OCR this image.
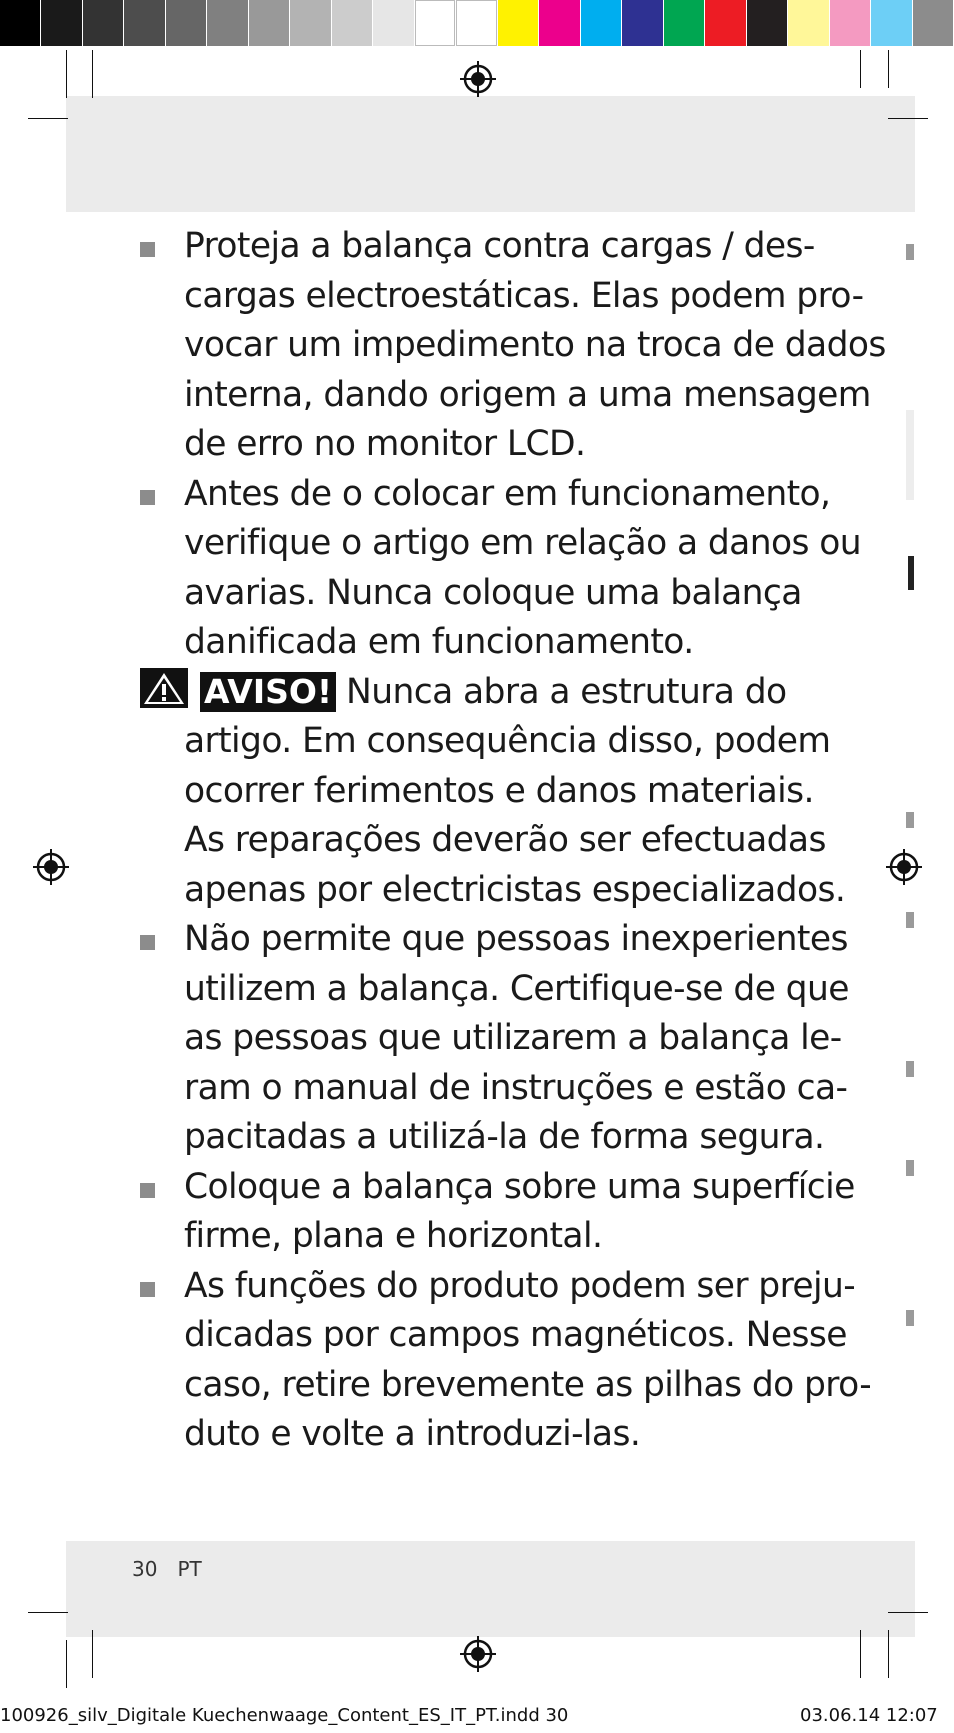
Proteja a balança contra cargas / des-
cargas electroestáticas. Elas podem pro-
vocar um impedimento na troca de dados
interna, dando origem a uma mensagem
de erro no monitor LCD.
Antes de o colocar em funcionamento,
verifique o artigo em relação a danos ou
avarias. Nunca coloque uma balança
danificada em funcionamento.
AVISO! Nunca abra a estrutura do
artigo. Em consequência disso, podem
ocorrer ferimentos e danos materiais.
As reparações deverão ser efectuadas
apenas por electricistas especializados.
Não permite que pessoas inexperientes
utilizem a balança. Certifique-se de que
as pessoas que utilizarem a balança le-
ram o manual de instruções e estão ca-
pacitadas a utilizá-la de forma segura.
Coloque a balança sobre uma superfície
firme, plana e horizontal.
As funções do produto podem ser preju-
dicadas por campos magnéticos. Nesse
caso, retire brevemente as pilhas do pro-
duto e volte a introduzi-las.
30 PT
100926_silv_Digitale Kuechenwaage_Content_ES_IT_PT.indd 30	03.06.14 12:07
